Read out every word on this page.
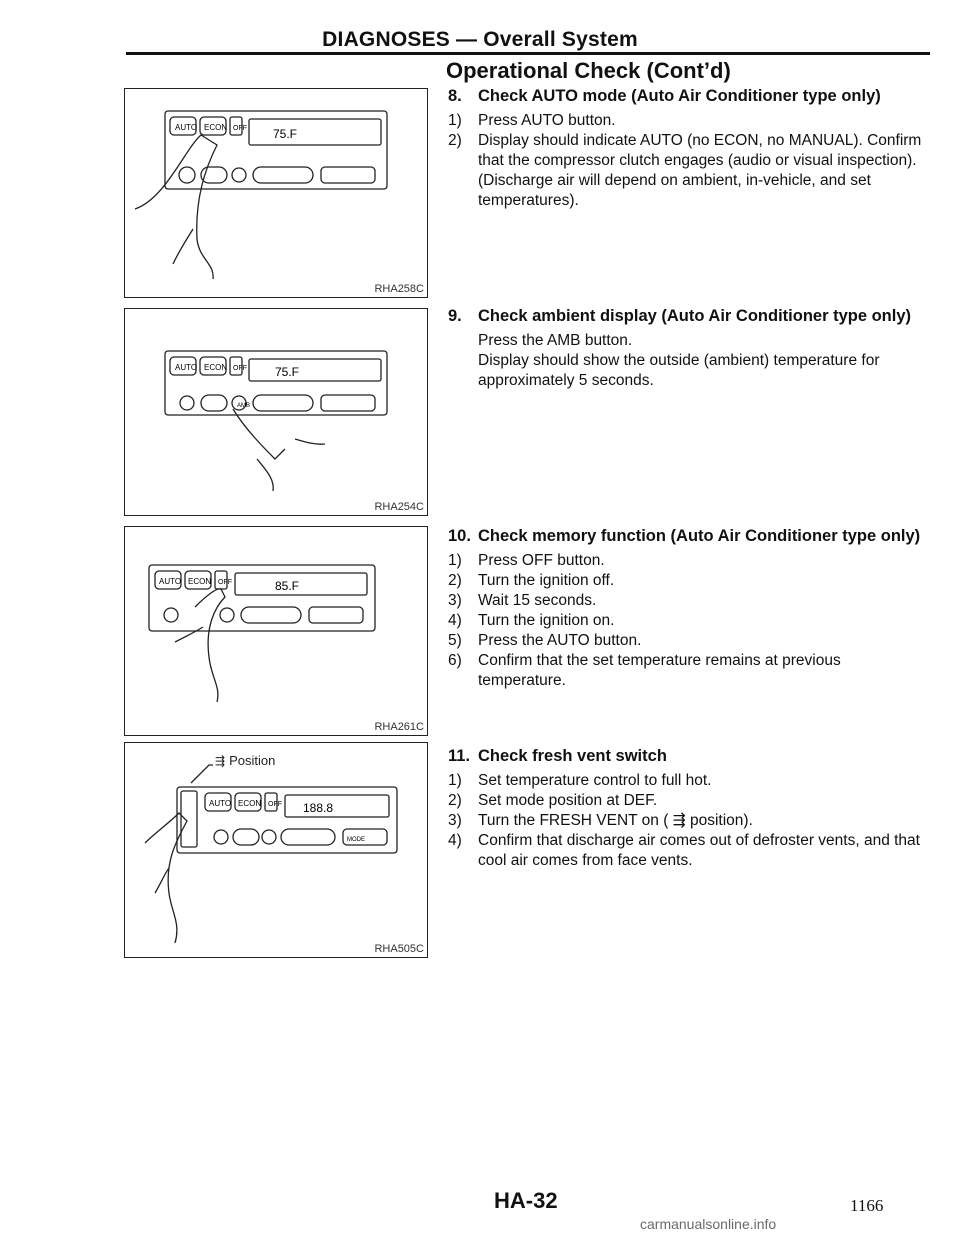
DIAGNOSES — Overall System
Operational Check (Cont’d)
AUTO ECON OFF 75.F
RHA258C
AUTO ECON OFF 75.F
AMB
RHA254C
AUTO ECON OFF	85.F
RHA261C
⇶ Position
AUTO ECON OFF 188.8
MODE
RHA505C
8. Check AUTO mode (Auto Air Conditioner type only)
1)	Press AUTO button.
2)	Display should indicate AUTO (no ECON, no MANUAL). Confirm that the compressor clutch engages (audio or visual inspection). (Discharge air will depend on ambient, in-vehicle, and set temperatures).
9. Check ambient display (Auto Air Conditioner type only)
Press the AMB button.
Display should show the outside (ambient) temperature for approximately 5 seconds.
10. Check memory function (Auto Air Conditioner type only)
1)	Press OFF button.
2)	Turn the ignition off.
3)	Wait 15 seconds.
4)	Turn the ignition on.
5)	Press the AUTO button.
6)	Confirm that the set temperature remains at previous temperature.
11. Check fresh vent switch
1)	Set temperature control to full hot.
2)	Set mode position at DEF.
3)	Turn the FRESH VENT on ( ⇶ position).
4)	Confirm that discharge air comes out of defroster vents, and that cool air comes from face vents.
HA-32	1166
carmanualsonline.info
